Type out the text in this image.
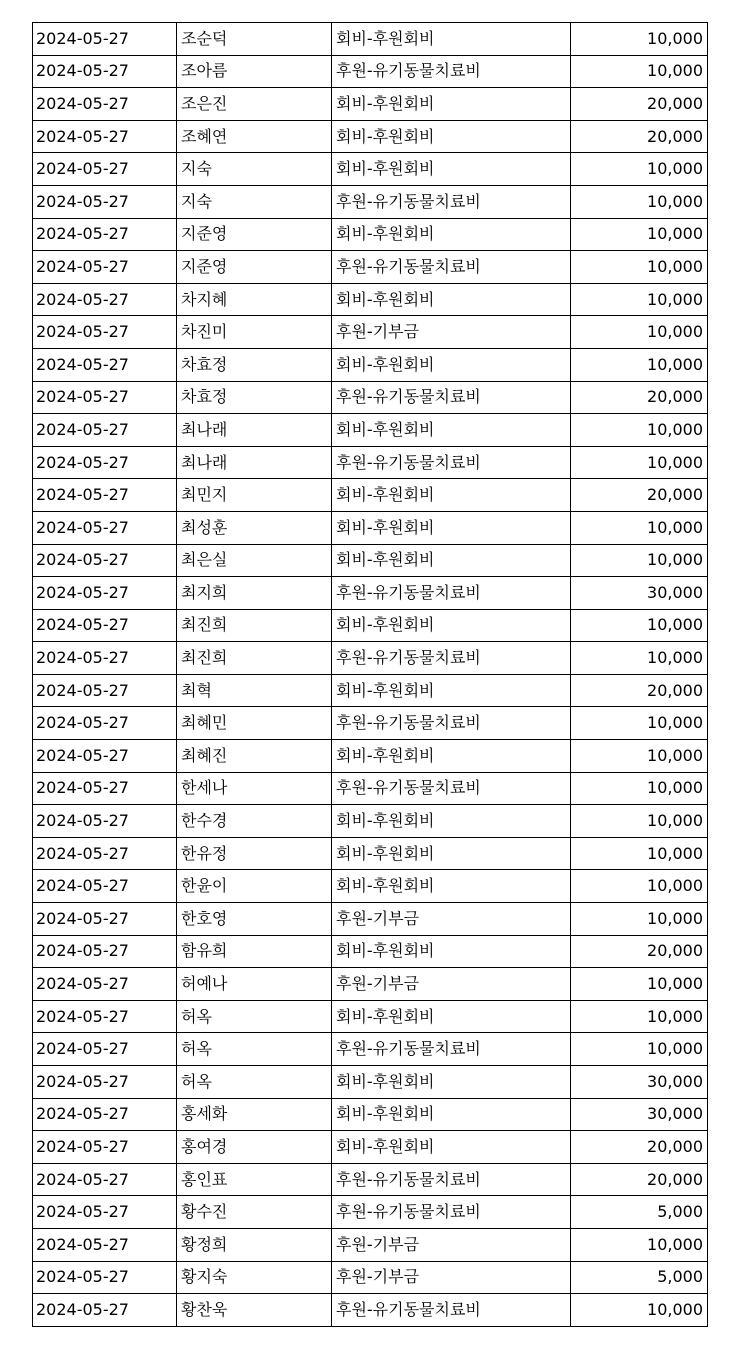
2024-05-27	조순덕	회비-후원회비	10,000
2024-05-27	조아름	후원-유기동물치료비	10,000
2024-05-27	조은진	회비-후원회비	20,000
2024-05-27	조혜연	회비-후원회비	20,000
2024-05-27	지숙	회비-후원회비	10,000
2024-05-27	지숙	후원-유기동물치료비	10,000
2024-05-27	지준영	회비-후원회비	10,000
2024-05-27	지준영	후원-유기동물치료비	10,000
2024-05-27	차지혜	회비-후원회비	10,000
2024-05-27	차진미	후원-기부금	10,000
2024-05-27	차효정	회비-후원회비	10,000
2024-05-27	차효정	후원-유기동물치료비	20,000
2024-05-27	최나래	회비-후원회비	10,000
2024-05-27	최나래	후원-유기동물치료비	10,000
2024-05-27	최민지	회비-후원회비	20,000
2024-05-27	최성훈	회비-후원회비	10,000
2024-05-27	최은실	회비-후원회비	10,000
2024-05-27	최지희	후원-유기동물치료비	30,000
2024-05-27	최진희	회비-후원회비	10,000
2024-05-27	최진희	후원-유기동물치료비	10,000
2024-05-27	최혁	회비-후원회비	20,000
2024-05-27	최혜민	후원-유기동물치료비	10,000
2024-05-27	최혜진	회비-후원회비	10,000
2024-05-27	한세나	후원-유기동물치료비	10,000
2024-05-27	한수경	회비-후원회비	10,000
2024-05-27	한유정	회비-후원회비	10,000
2024-05-27	한윤이	회비-후원회비	10,000
2024-05-27	한호영	후원-기부금	10,000
2024-05-27	함유희	회비-후원회비	20,000
2024-05-27	허예나	후원-기부금	10,000
2024-05-27	허옥	회비-후원회비	10,000
2024-05-27	허옥	후원-유기동물치료비	10,000
2024-05-27	허옥	회비-후원회비	30,000
2024-05-27	홍세화	회비-후원회비	30,000
2024-05-27	홍여경	회비-후원회비	20,000
2024-05-27	홍인표	후원-유기동물치료비	20,000
2024-05-27	황수진	후원-유기동물치료비	5,000
2024-05-27	황정희	후원-기부금	10,000
2024-05-27	황지숙	후원-기부금	5,000
2024-05-27	황찬욱	후원-유기동물치료비	10,000
